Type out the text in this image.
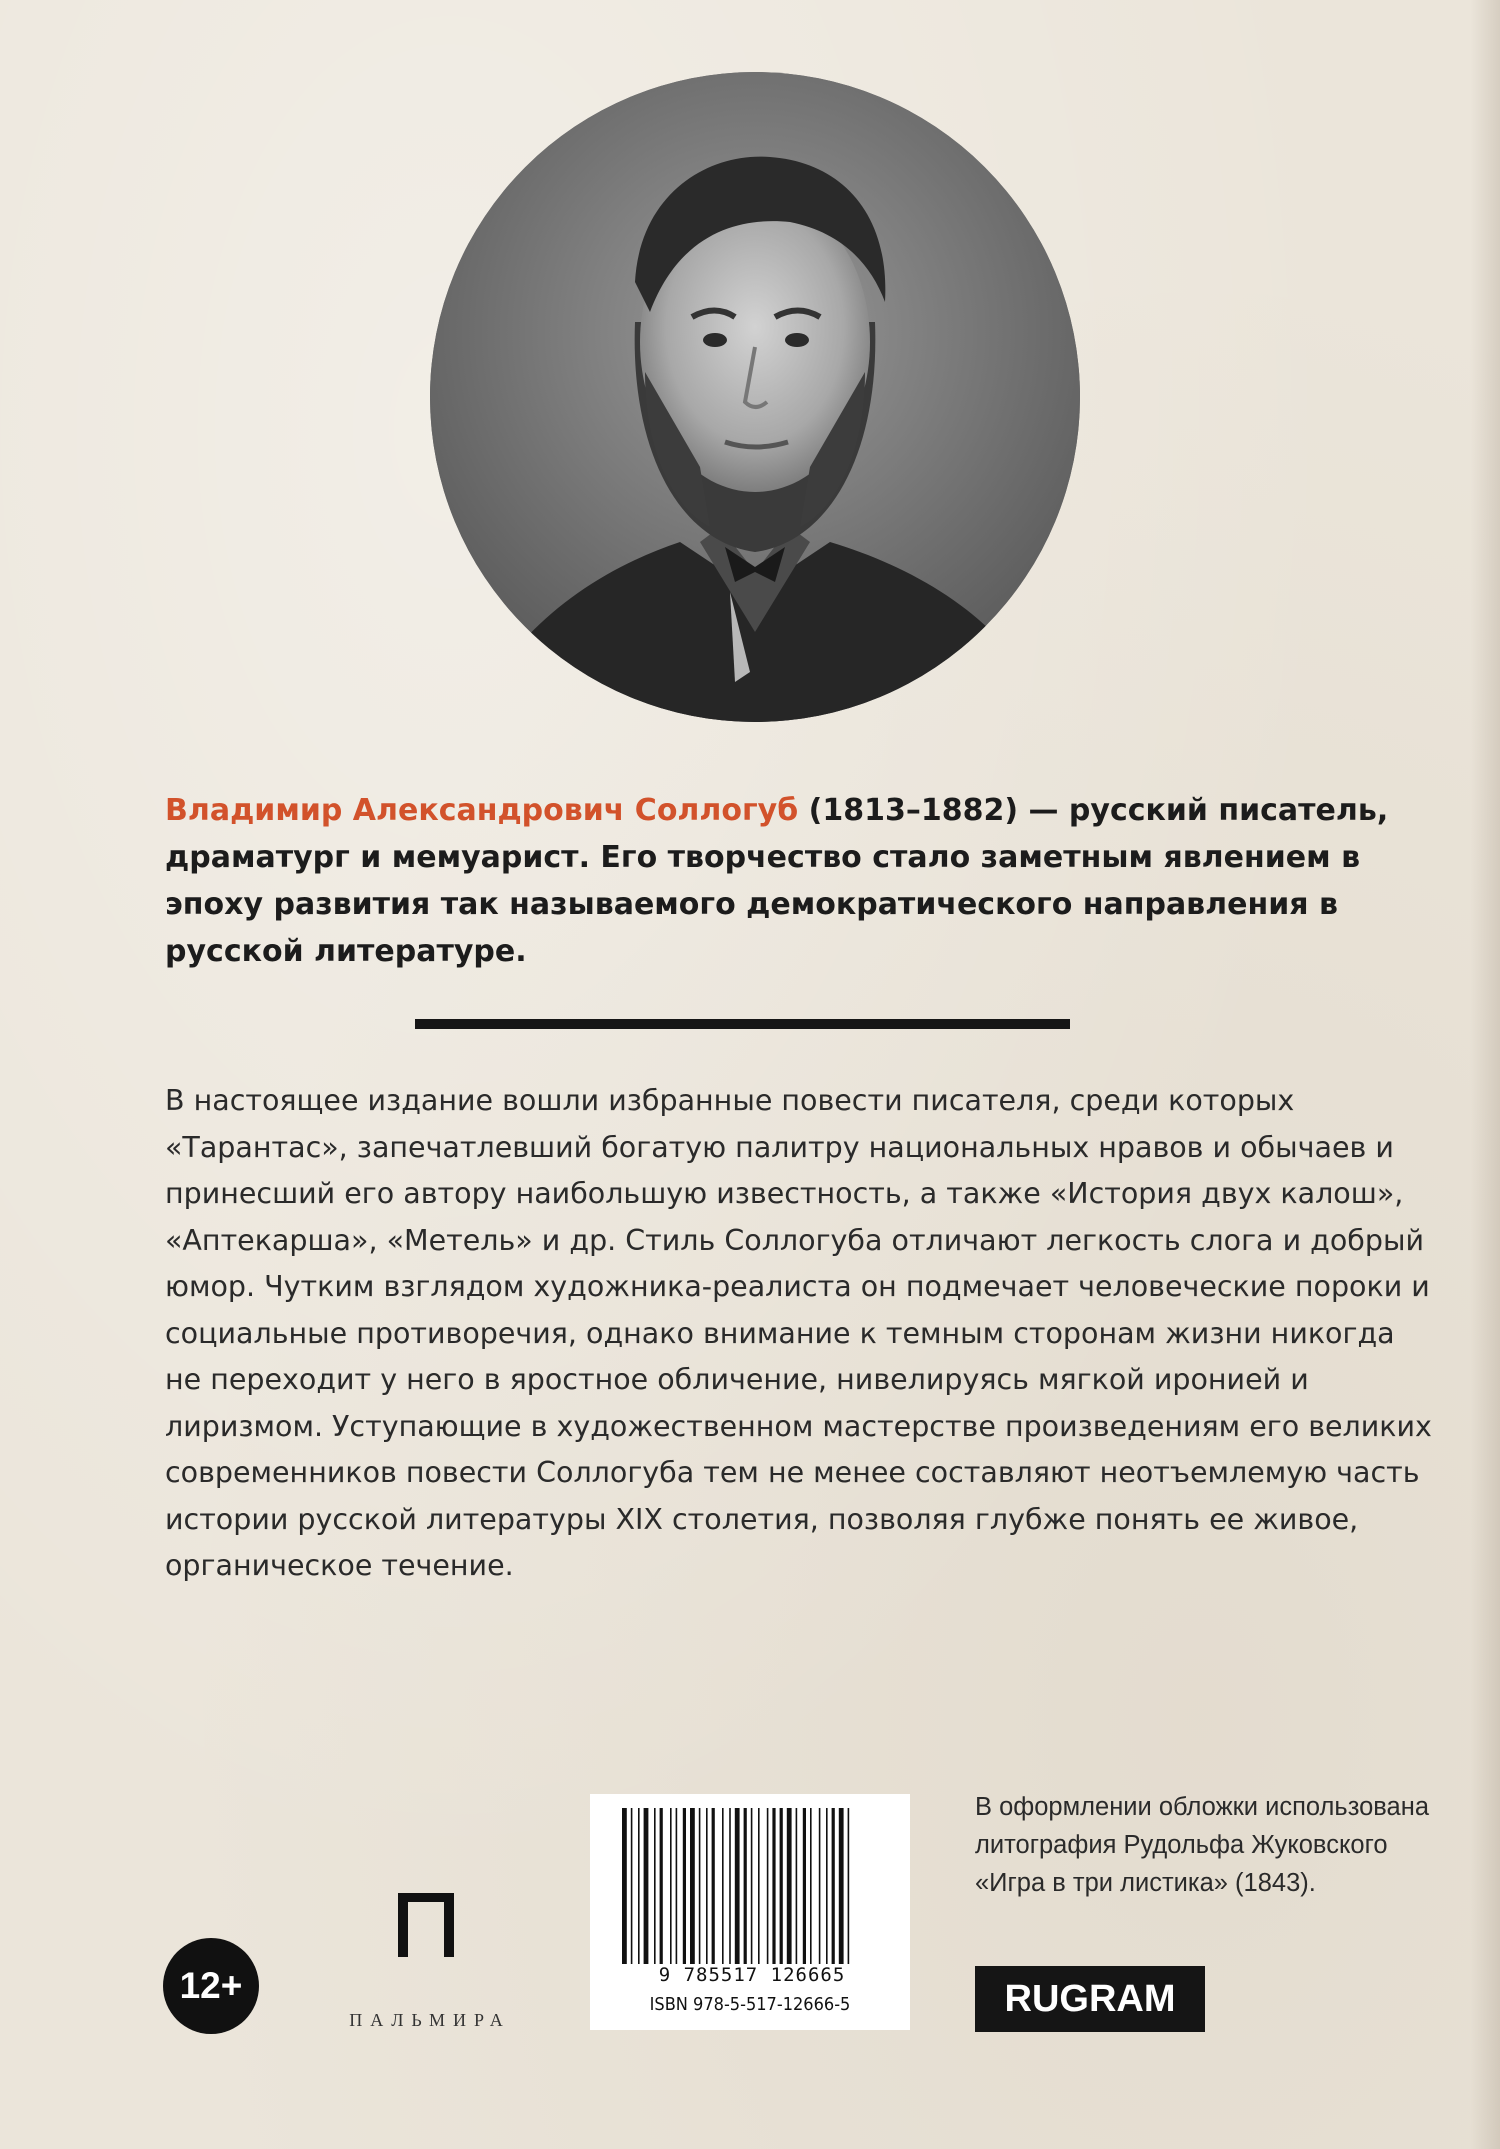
Владимир Александрович Соллогуб (1813–1882) — русский писатель, драматург и мемуарист. Его творчество стало заметным явлением в эпоху развития так называемого демократического направления в русской литературе.

В настоящее издание вошли избранные повести писателя, среди которых «Тарантас», запечатлевший богатую палитру национальных нравов и обычаев и принесший его автору наибольшую известность, а также «История двух калош», «Аптекарша», «Метель» и др. Стиль Соллогуба отличают легкость слога и добрый юмор. Чутким взглядом художника-реалиста он подмечает человеческие пороки и социальные противоречия, однако внимание к темным сторонам жизни никогда не переходит у него в яростное обличение, нивелируясь мягкой иронией и лиризмом. Уступающие в художественном мастерстве произведениям его великих современников повести Соллогуба тем не менее составляют неотъемлемую часть истории русской литературы XIX столетия, позволяя глубже понять ее живое, органическое течение.

В оформлении обложки использована
литография Рудольфа Жуковского
«Игра в три листика» (1843).

12+
ПАЛЬМИРА
9 785517 126665
ISBN 978-5-517-12666-5	RUGRAM
